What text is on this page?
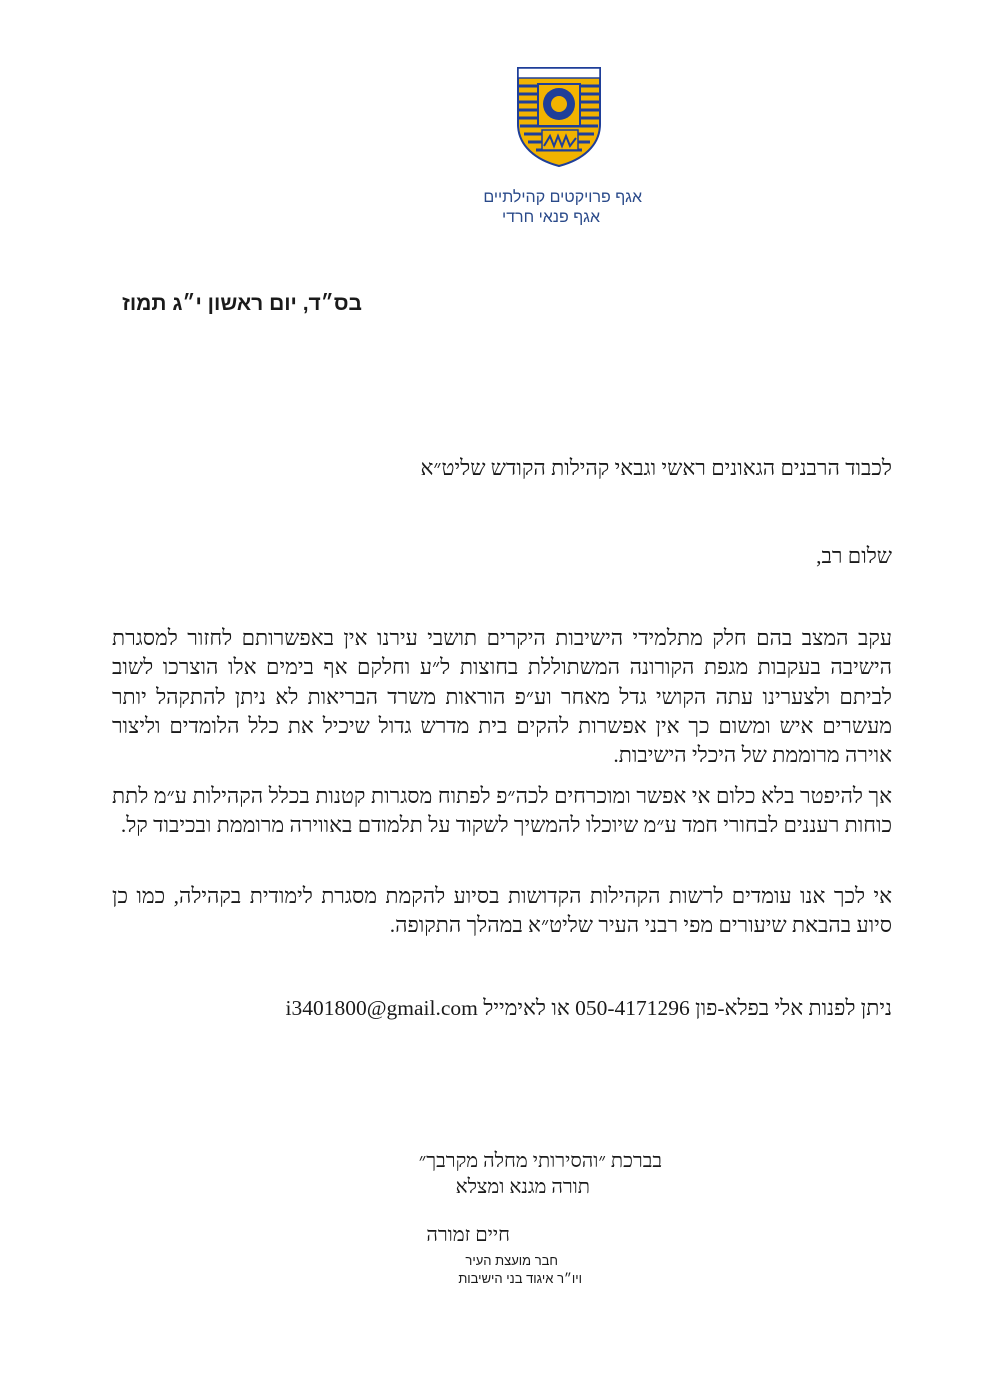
אגף פרויקטים קהילתיים
אגף פנאי חרדי
בס״ד, יום ראשון י״ג תמוז
לכבוד הרבנים הגאונים ראשי וגבאי קהילות הקודש שליט״א
שלום רב,
עקב המצב בהם חלק מתלמידי הישיבות היקרים תושבי עירנו אין באפשרותם לחזור למסגרת הישיבה בעקבות מגפת הקורונה המשתוללת בחוצות ל״ע וחלקם אף בימים אלו הוצרכו לשוב לביתם ולצערינו עתה הקושי גדל מאחר וע״פ הוראות משרד הבריאות לא ניתן להתקהל יותר מעשרים איש ומשום כך אין אפשרות להקים בית מדרש גדול שיכיל את כלל הלומדים וליצור אוירה מרוממת של היכלי הישיבות.
אך להיפטר בלא כלום אי אפשר ומוכרחים לכה״פ לפתוח מסגרות קטנות בכלל הקהילות ע״מ לתת כוחות רעננים לבחורי חמד ע״מ שיוכלו להמשיך לשקוד על תלמודם באווירה מרוממת ובכיבוד קל.
אי לכך אנו עומדים לרשות הקהילות הקדושות בסיוע להקמת מסגרת לימודית בקהילה, כמו כן סיוע בהבאת שיעורים מפי רבני העיר שליט״א במהלך התקופה.
ניתן לפנות אלי בפלא-פון 050-4171296 או לאימייל i3401800@gmail.com
בברכת ״והסירותי מחלה מקרבך״
תורה מגנא ומצלא
חיים זמורה
חבר מועצת העיר
ויו״ר איגוד בני הישיבות
